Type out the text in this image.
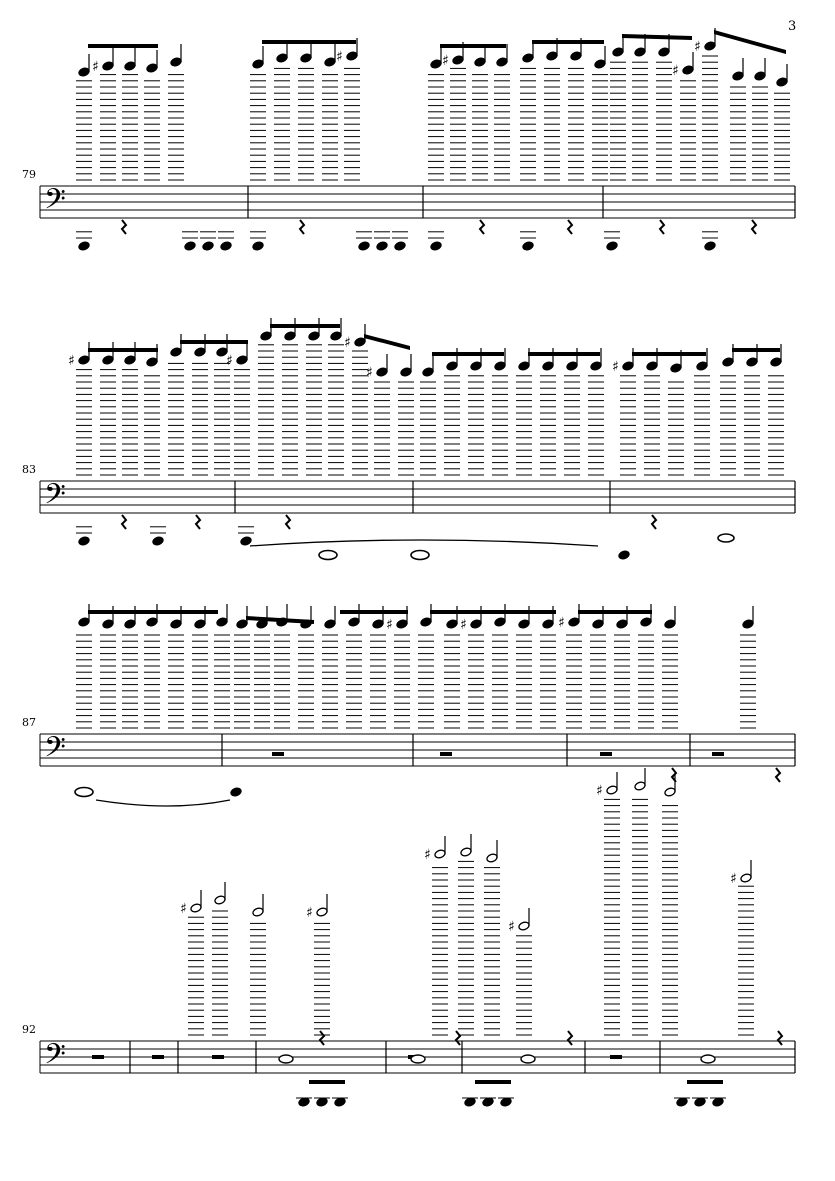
3
𝄢
79
♯
♯	♯
♯
♯
𝄢
83
♯	♯
♯
♯	♯
𝄢
87
♯	♯	♯
𝄢
92
♯	♯
♯
♯
♯
♯
